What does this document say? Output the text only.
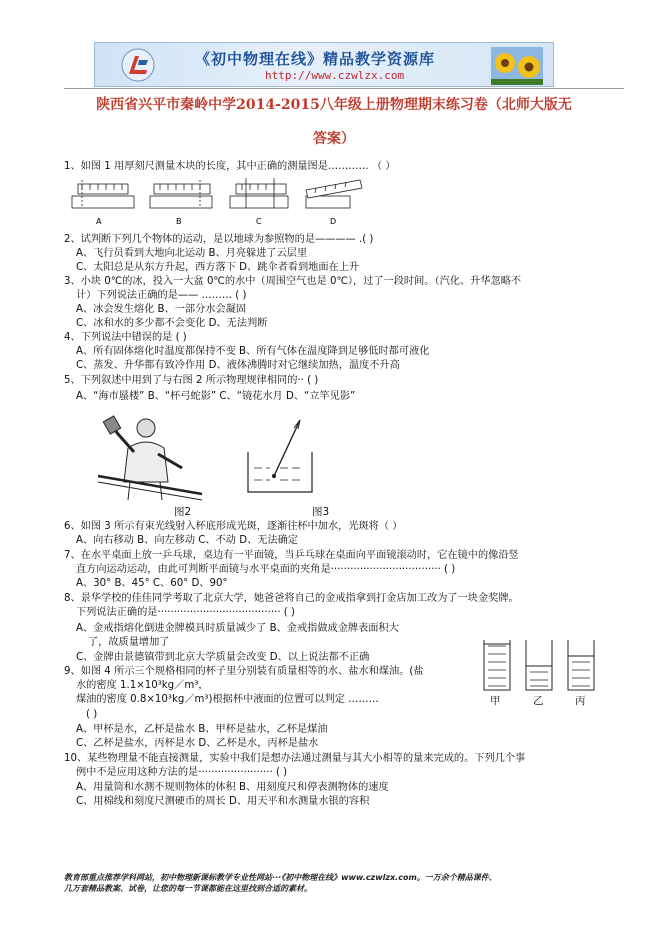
《初中物理在线》精品教学资源库
http://www.czwlzx.com
陕西省兴平市秦岭中学2014-2015八年级上册物理期末练习卷（北师大版无
答案）
1、如图 1 用厚刻尺测量木块的长度，其中正确的测量图是………… （ ）
A	B	C	D
2、试判断下列几个物体的运动，是以地球为参照物的是———— .( )
A、飞行员看到大地向北运动 B、月亮躲进了云层里
C、太阳总是从东方升起，西方落下 D、跳伞者看到地面在上升
3、小块 0℃的冰，投入一大盆 0℃的水中（周围空气也是 0℃），过了一段时间。（汽化、升华忽略不
计）下列说法正确的是—— ……… ( )
A、冰会发生熔化 B、一部分水会凝固
C、冰和水的多少都不会变化 D、无法判断
4、下列说法中错误的是 ( )
A、所有固体熔化时温度都保持不变 B、所有气体在温度降到足够低时都可液化
C、蒸发、升华都有致冷作用 D、液体沸腾时对它继续加热，温度不升高
5、下列叙述中用到了与右图 2 所示物理规律相同的·· ( )
A、“海市蜃楼” B、“杯弓蛇影” C、“镜花水月 D、“立竿见影”
图2	图3
6、如图 3 所示有束光线射入杯底形成光斑，逐渐往杯中加水，光斑将（ ）
A、向右移动 B、向左移动 C、不动 D、无法确定
7、在水平桌面上放一乒乓球，桌边有一平面镜，当乒乓球在桌面向平面镜滚动时，它在镜中的像沿竖
直方向运动运动，由此可判断平面镜与水平桌面的夹角是·································· ( )
A、30° B、45° C、60° D、90°
8、景华学校的佳佳同学考取了北京大学，她爸爸将自己的金戒指拿到打金店加工改为了一块金奖牌。
下列说法正确的是······································ ( )
A、金戒指熔化倒进金牌模具时质量减少了 B、金戒指做成金牌表面积大
了，故质量增加了
C、金牌由景德镇带到北京大学质量会改变 D、以上说法都不正确
9、如图 4 所示三个规格相同的杯子里分别装有质量相等的水、盐水和煤油。(盐
水的密度 1.1×10³kg／m³，
煤油的密度 0.8×10³kg／m³)根据杯中液面的位置可以判定 ………
( )
A、甲杯是水，乙杯是盐水 B、甲杯是盐水，乙杯是煤油
C、乙杯是盐水，丙杯是水 D、乙杯是水，丙杯是盐水
甲	乙	丙
10、某些物理量不能直接测量，实验中我们是想办法通过测量与其大小相等的量来完成的。下列几个事
例中不是应用这种方法的是······················· ( )
A、用量筒和水测不规则物体的体积 B、用刻度尺和停表测物体的速度
C、用棉线和刻度尺测硬币的周长 D、用天平和水测量水银的容积
教育部重点推荐学科网站，初中物理新课标教学专业性网站···《初中物理在线》www.czwlzx.com。一万余个精品课件、
几万套精品教案、试卷，让您的每一节课都能在这里找到合适的素材。
